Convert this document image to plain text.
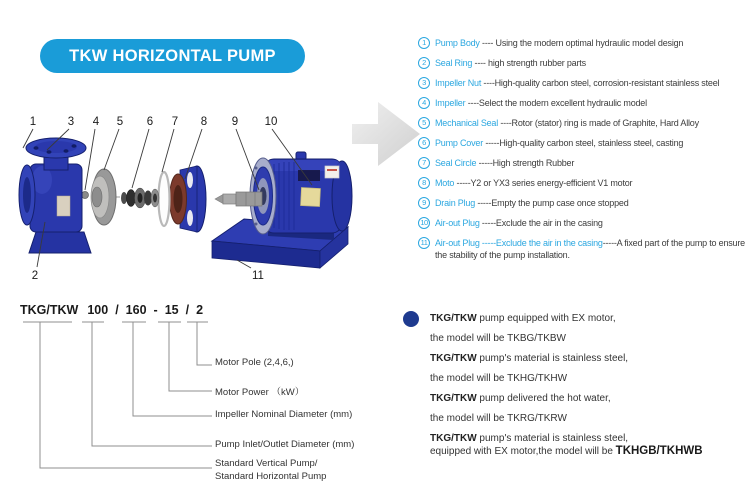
TKW HORIZONTAL PUMP
1	3 4 5 6 7 8 9 10
2	11
1	Pump Body ---- Using the modern optimal hydraulic model design
2	Seal Ring ---- high strength rubber parts
3	Impeller Nut ----High-quality carbon steel, corrosion-resistant stainless steel
4	Impeller ----Select the modern excellent hydraulic model
5	Mechanical Seal ----Rotor (stator) ring is made of Graphite, Hard Alloy
6	Pump Cover -----High-quality carbon steel, stainless steel, casting
7	Seal Circle -----High strength Rubber
8	Moto -----Y2 or YX3 series energy-efficient V1 motor
9	Drain Plug -----Empty the pump case once stopped
10 Air-out Plug -----Exclude the air in the casing
11 Air-out Plug -----Exclude the air in the casing-----A fixed part of the pump to ensure the stability of the pump installation.
TKG/TKW 100 / 160 - 15 / 2
Motor Pole (2,4,6,)
Motor Power （kW）
Impeller Nominal Diameter (mm)
Pump Inlet/Outlet Diameter (mm)
Standard Vertical Pump/
Standard Horizontal Pump
TKG/TKW pump equipped with EX motor,
the model will be TKBG/TKBW
TKG/TKW pump's material is stainless steel,
the model will be TKHG/TKHW
TKG/TKW pump delivered the hot water,
the model will be TKRG/TKRW
TKG/TKW pump's material is stainless steel,
equipped with EX motor,the model will be TKHGB/TKHWB
